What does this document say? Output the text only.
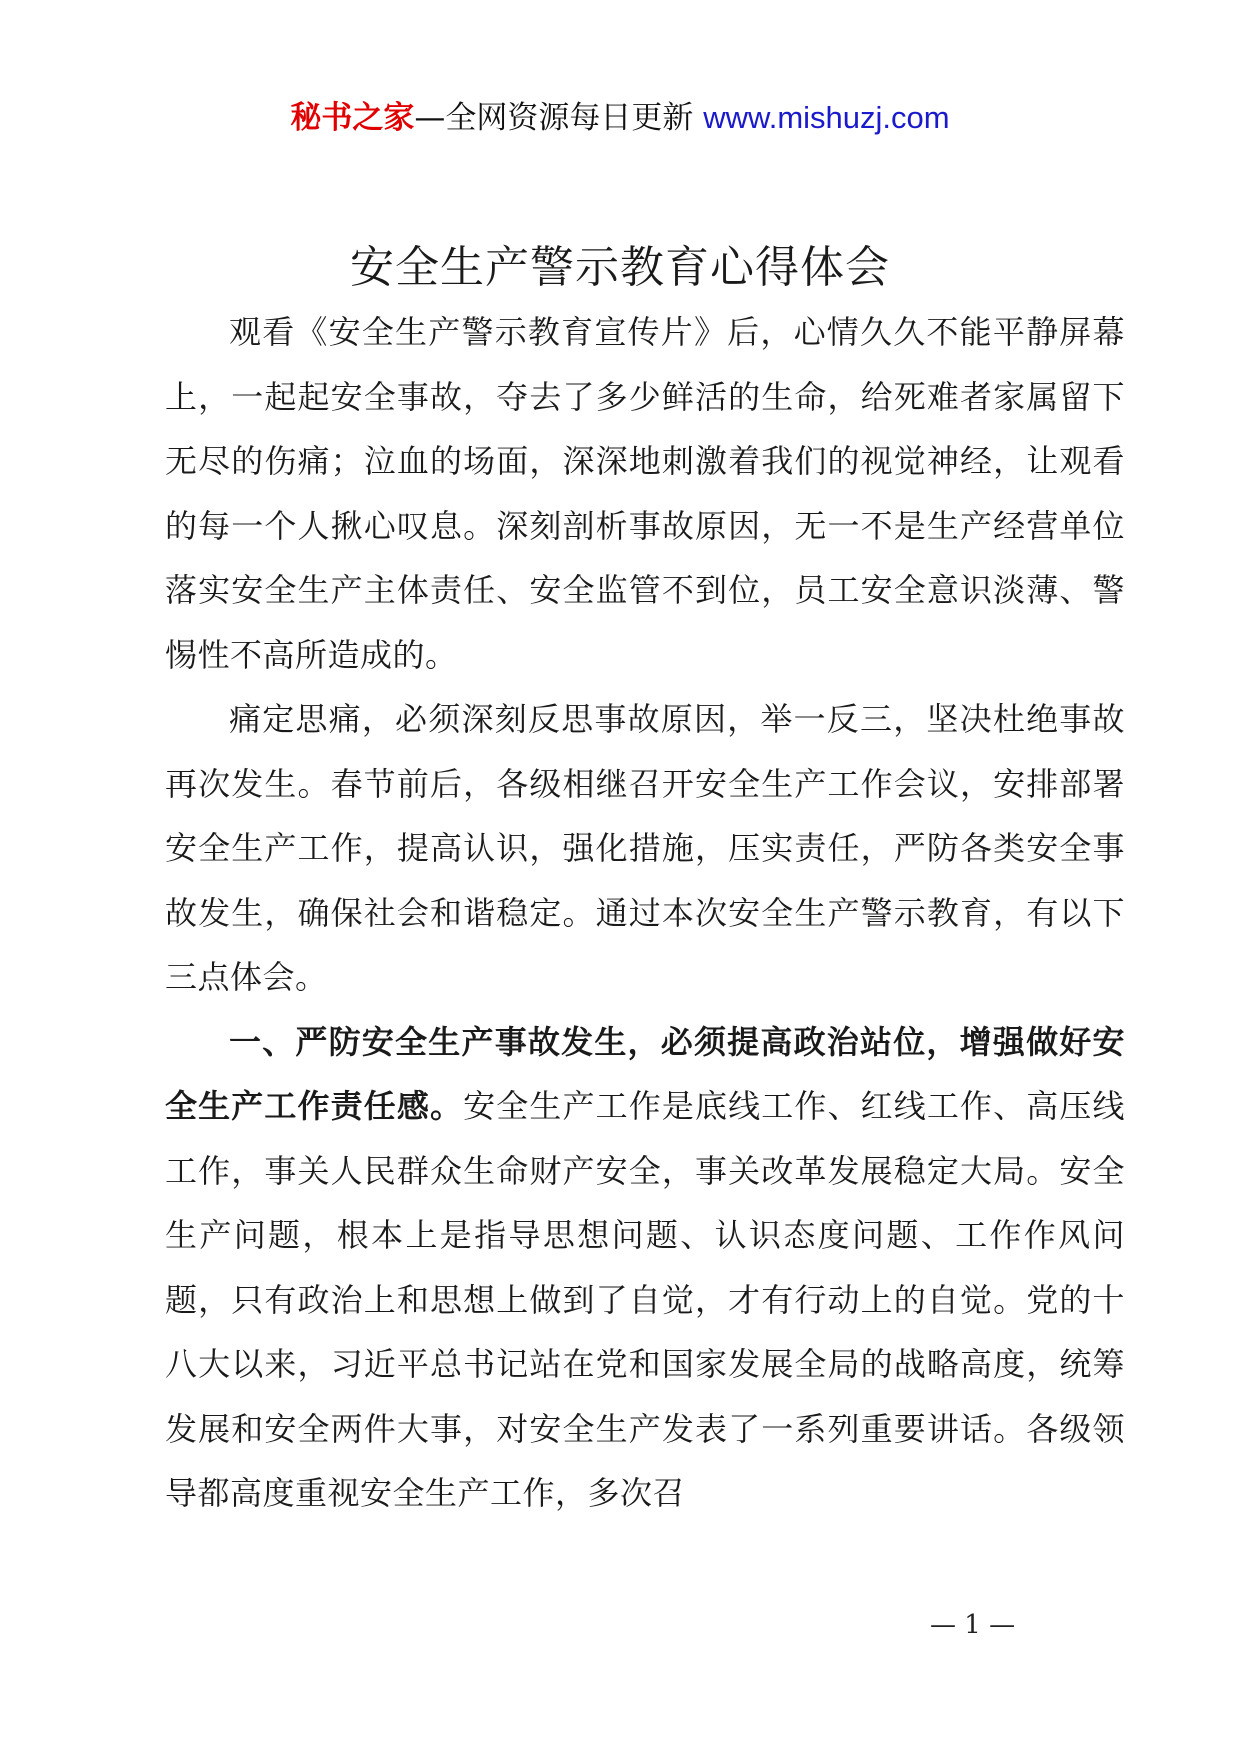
秘书之家—全网资源每日更新 www.mishuzj.com
安全生产警示教育心得体会

观看《安全生产警示教育宣传片》后，心情久久不能平静屏幕上，一起起安全事故，夺去了多少鲜活的生命，给死难者家属留下无尽的伤痛；泣血的场面，深深地刺激着我们的视觉神经，让观看的每一个人揪心叹息。深刻剖析事故原因，无一不是生产经营单位落实安全生产主体责任、安全监管不到位，员工安全意识淡薄、警惕性不高所造成的。

痛定思痛，必须深刻反思事故原因，举一反三，坚决杜绝事故再次发生。春节前后，各级相继召开安全生产工作会议，安排部署安全生产工作，提高认识，强化措施，压实责任，严防各类安全事故发生，确保社会和谐稳定。通过本次安全生产警示教育，有以下三点体会。

一、严防安全生产事故发生，必须提高政治站位，增强做好安全生产工作责任感。安全生产工作是底线工作、红线工作、高压线工作，事关人民群众生命财产安全，事关改革发展稳定大局。安全生产问题，根本上是指导思想问题、认识态度问题、工作作风问题，只有政治上和思想上做到了自觉，才有行动上的自觉。党的十八大以来，习近平总书记站在党和国家发展全局的战略高度，统筹发展和安全两件大事，对安全生产发表了一系列重要讲话。各级领导都高度重视安全生产工作，多次召

— 1 —
